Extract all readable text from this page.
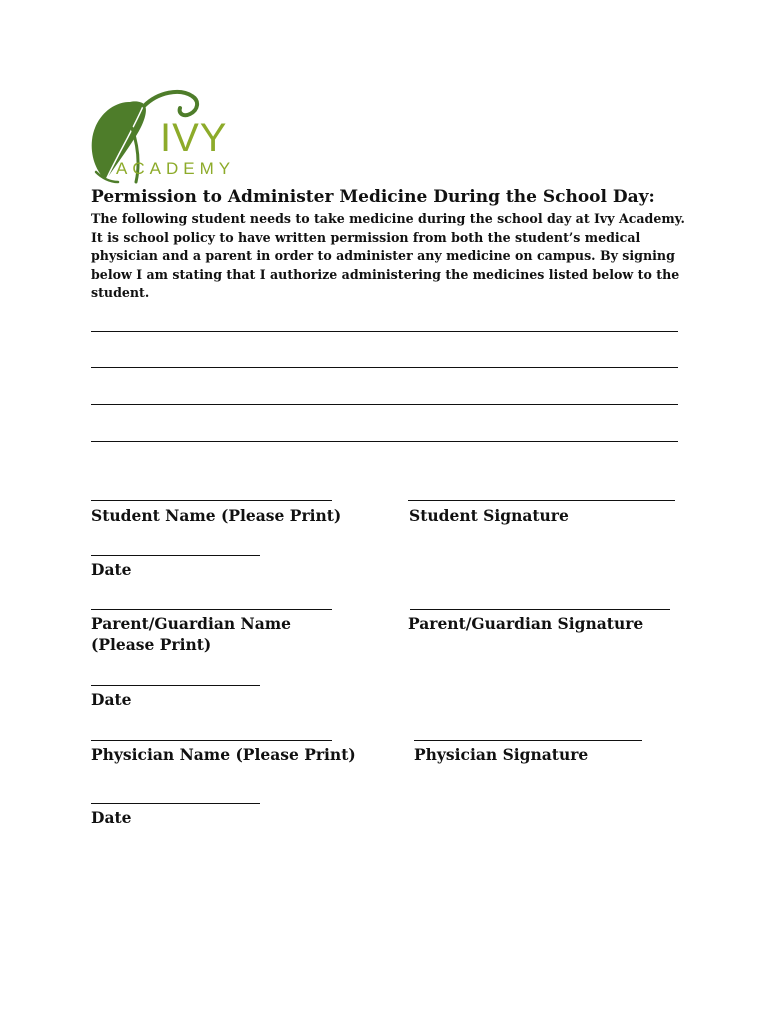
IVY
ACADEMY
Permission to Administer Medicine During the School Day:

The following student needs to take medicine during the school day at Ivy Academy. It is school policy to have written permission from both the student’s medical physician and a parent in order to administer any medicine on campus. By signing below I am stating that I authorize administering the medicines listed below to the student.

Student Name (Please Print)	Student Signature
Date
Parent/Guardian Name
(Please Print)
Parent/Guardian Signature
Date
Physician Name (Please Print)	Physician Signature
Date
